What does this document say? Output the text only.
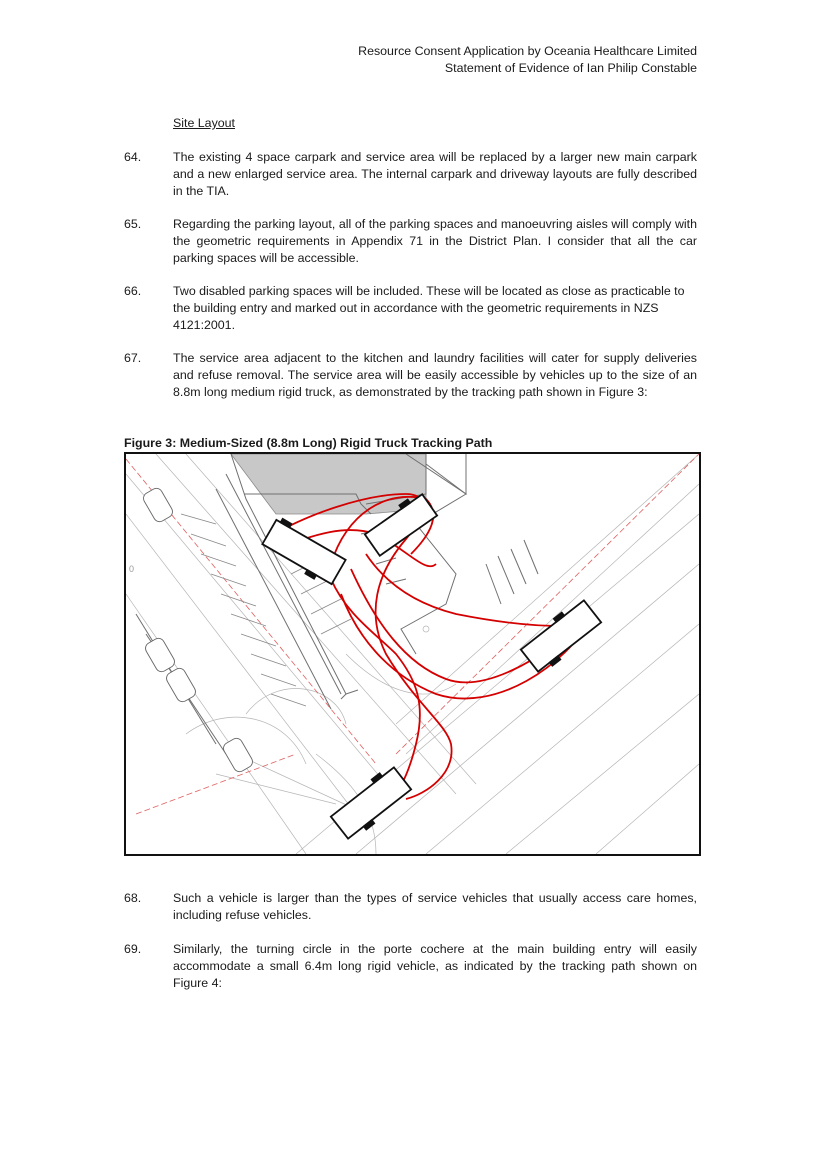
Resource Consent Application by Oceania Healthcare Limited
Statement of Evidence of Ian Philip Constable
Site Layout
64.	The existing 4 space carpark and service area will be replaced by a larger new main carpark and a new enlarged service area. The internal carpark and driveway layouts are fully described in the TIA.
65.	Regarding the parking layout, all of the parking spaces and manoeuvring aisles will comply with the geometric requirements in Appendix 71 in the District Plan. I consider that all the car parking spaces will be accessible.
66.	Two disabled parking spaces will be included. These will be located as close as practicable to the building entry and marked out in accordance with the geometric requirements in NZS 4121:2001.
67.	The service area adjacent to the kitchen and laundry facilities will cater for supply deliveries and refuse removal. The service area will be easily accessible by vehicles up to the size of an 8.8m long medium rigid truck, as demonstrated by the tracking path shown in Figure 3:
Figure 3: Medium-Sized (8.8m Long) Rigid Truck Tracking Path
0
68.	Such a vehicle is larger than the types of service vehicles that usually access care homes, including refuse vehicles.
69.	Similarly, the turning circle in the porte cochere at the main building entry will easily accommodate a small 6.4m long rigid vehicle, as indicated by the tracking path shown on Figure 4:
